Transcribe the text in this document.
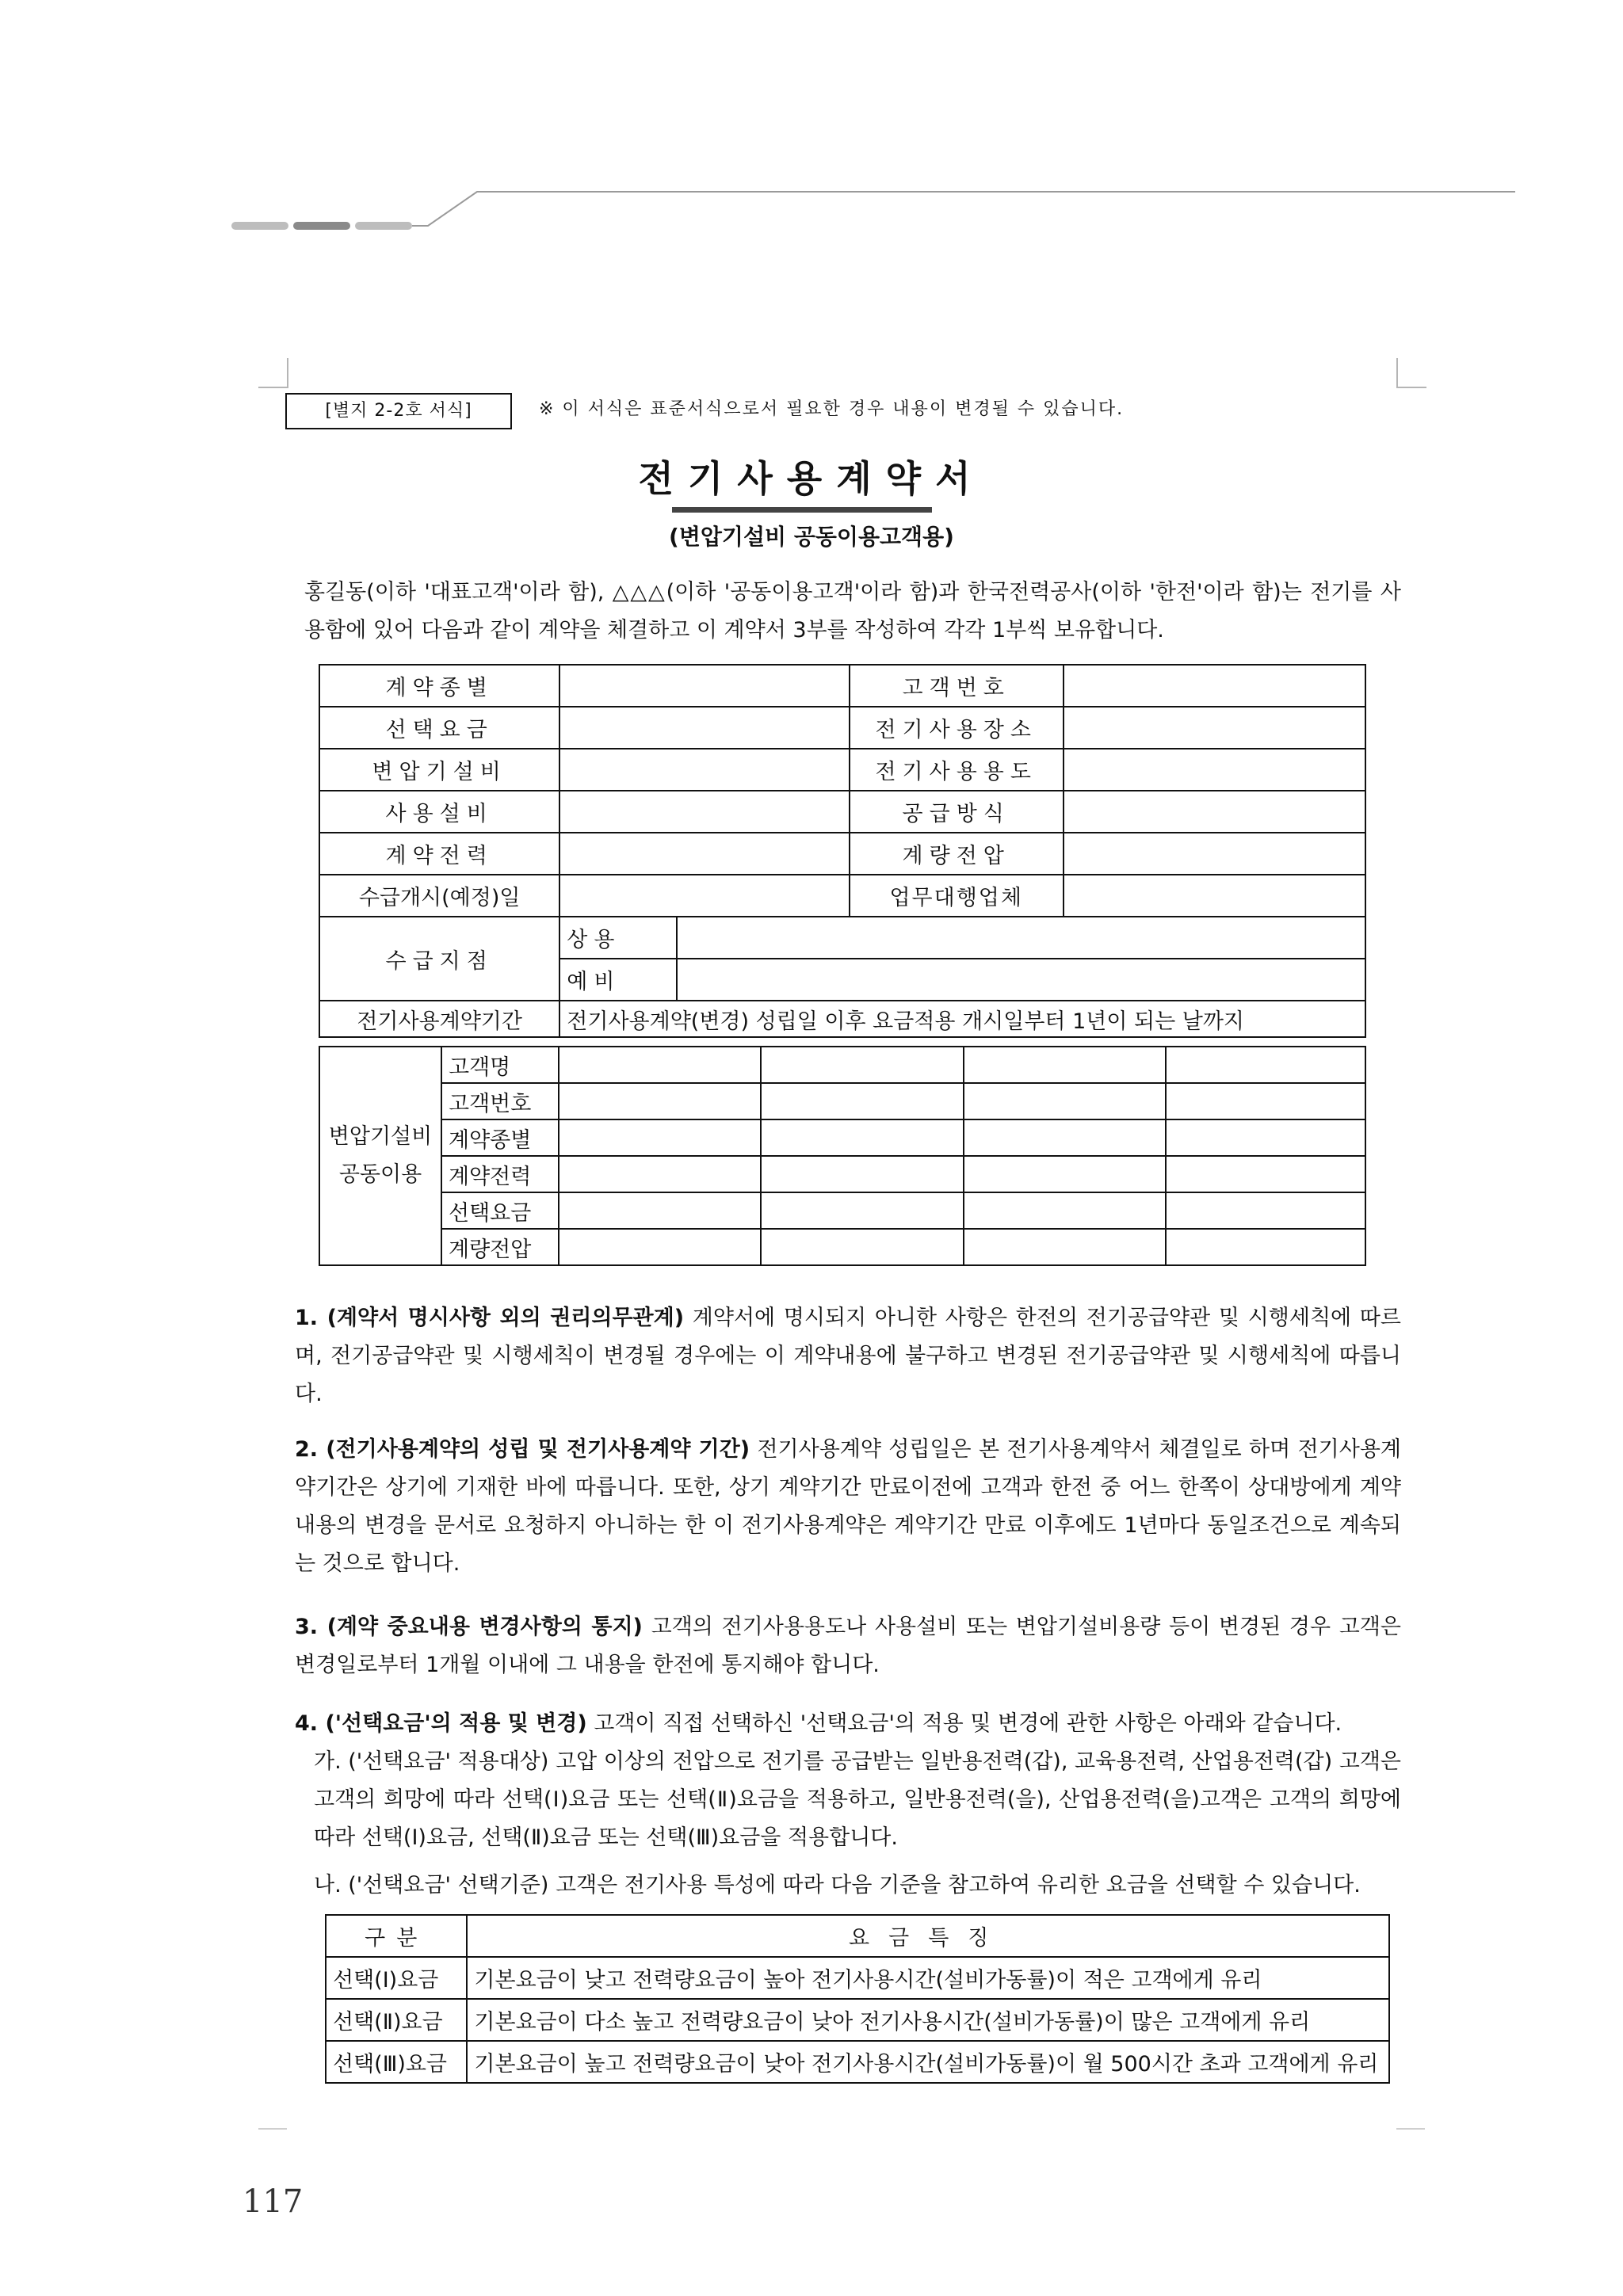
[별지 2-2호 서식]	※ 이 서식은 표준서식으로서 필요한 경우 내용이 변경될 수 있습니다.
전기사용계약서
(변압기설비 공동이용고객용)
홍길동(이하 '대표고객'이라 함), △△△(이하 '공동이용고객'이라 함)과 한국전력공사(이하 '한전'이라 함)는 전기를 사용함에 있어 다음과 같이 계약을 체결하고 이 계약서 3부를 작성하여 각각 1부씩 보유합니다.
계약종별			고객번호	
선택요금			전기사용장소	
변압기설비			전기사용용도	
사용설비			공급방식	
계약전력			계량전압	
수급개시(예정)일			업무대행업체	
수급지점	상용			
	예비			
전기사용계약기간	전기사용계약(변경) 성립일 이후 요금적용 개시일부터 1년이 되는 날까지			
변압기설비
공동이용	고객명				
	고객번호				
	계약종별				
	계약전력				
	선택요금				
	계량전압				
1. (계약서 명시사항 외의 권리의무관계) 계약서에 명시되지 아니한 사항은 한전의 전기공급약관 및 시행세칙에 따르며, 전기공급약관 및 시행세칙이 변경될 경우에는 이 계약내용에 불구하고 변경된 전기공급약관 및 시행세칙에 따릅니다.
2. (전기사용계약의 성립 및 전기사용계약 기간) 전기사용계약 성립일은 본 전기사용계약서 체결일로 하며 전기사용계약기간은 상기에 기재한 바에 따릅니다. 또한, 상기 계약기간 만료이전에 고객과 한전 중 어느 한쪽이 상대방에게 계약내용의 변경을 문서로 요청하지 아니하는 한 이 전기사용계약은 계약기간 만료 이후에도 1년마다 동일조건으로 계속되는 것으로 합니다.
3. (계약 중요내용 변경사항의 통지) 고객의 전기사용용도나 사용설비 또는 변압기설비용량 등이 변경된 경우 고객은 변경일로부터 1개월 이내에 그 내용을 한전에 통지해야 합니다.
4. ('선택요금'의 적용 및 변경) 고객이 직접 선택하신 '선택요금'의 적용 및 변경에 관한 사항은 아래와 같습니다.
가. ('선택요금' 적용대상) 고압 이상의 전압으로 전기를 공급받는 일반용전력(갑), 교육용전력, 산업용전력(갑) 고객은 고객의 희망에 따라 선택(Ⅰ)요금 또는 선택(Ⅱ)요금을 적용하고, 일반용전력(을), 산업용전력(을)고객은 고객의 희망에 따라 선택(Ⅰ)요금, 선택(Ⅱ)요금 또는 선택(Ⅲ)요금을 적용합니다.
나. ('선택요금' 선택기준) 고객은 전기사용 특성에 따라 다음 기준을 참고하여 유리한 요금을 선택할 수 있습니다.
구분	요금특징
선택(Ⅰ)요금	기본요금이 낮고 전력량요금이 높아 전기사용시간(설비가동률)이 적은 고객에게 유리
선택(Ⅱ)요금	기본요금이 다소 높고 전력량요금이 낮아 전기사용시간(설비가동률)이 많은 고객에게 유리
선택(Ⅲ)요금	기본요금이 높고 전력량요금이 낮아 전기사용시간(설비가동률)이 월 500시간 초과 고객에게 유리
117
